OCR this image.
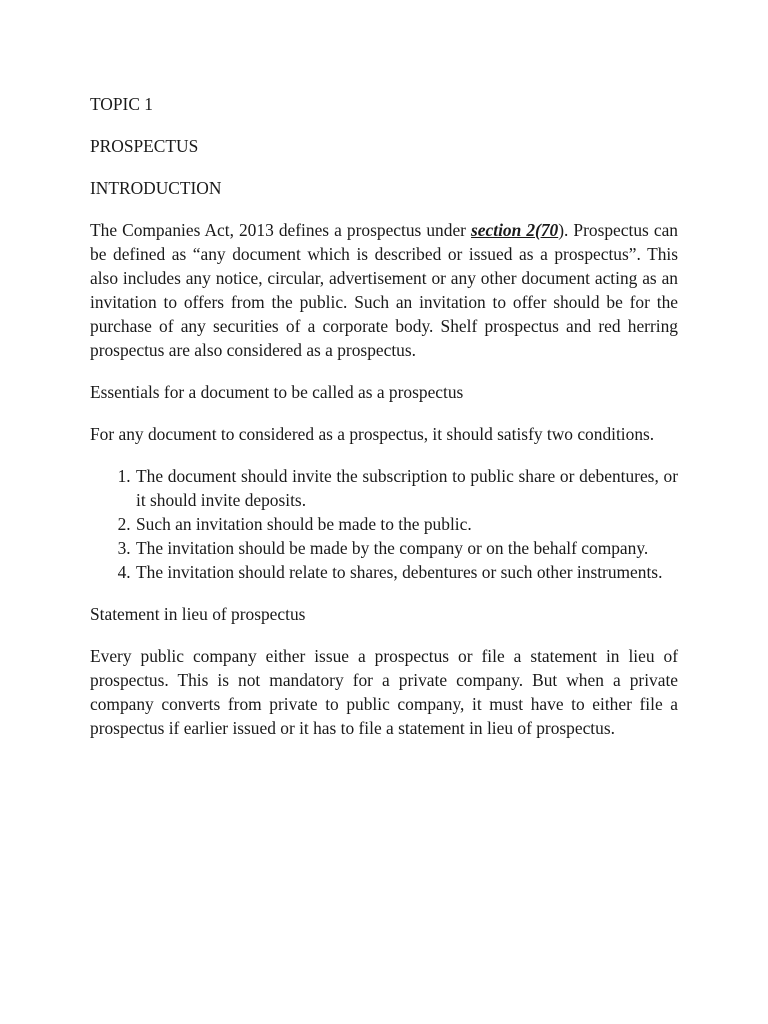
TOPIC 1

PROSPECTUS

INTRODUCTION

The Companies Act, 2013 defines a prospectus under section 2(70). Prospectus can be defined as “any document which is described or issued as a prospectus”. This also includes any notice, circular, advertisement or any other document acting as an invitation to offers from the public. Such an invitation to offer should be for the purchase of any securities of a corporate body. Shelf prospectus and red herring prospectus are also considered as a prospectus.

Essentials for a document to be called as a prospectus

For any document to considered as a prospectus, it should satisfy two conditions.

1. The document should invite the subscription to public share or debentures, or it should invite deposits.
2. Such an invitation should be made to the public.
3. The invitation should be made by the company or on the behalf company.
4. The invitation should relate to shares, debentures or such other instruments.

Statement in lieu of prospectus

Every public company either issue a prospectus or file a statement in lieu of prospectus. This is not mandatory for a private company. But when a private company converts from private to public company, it must have to either file a prospectus if earlier issued or it has to file a statement in lieu of prospectus.
